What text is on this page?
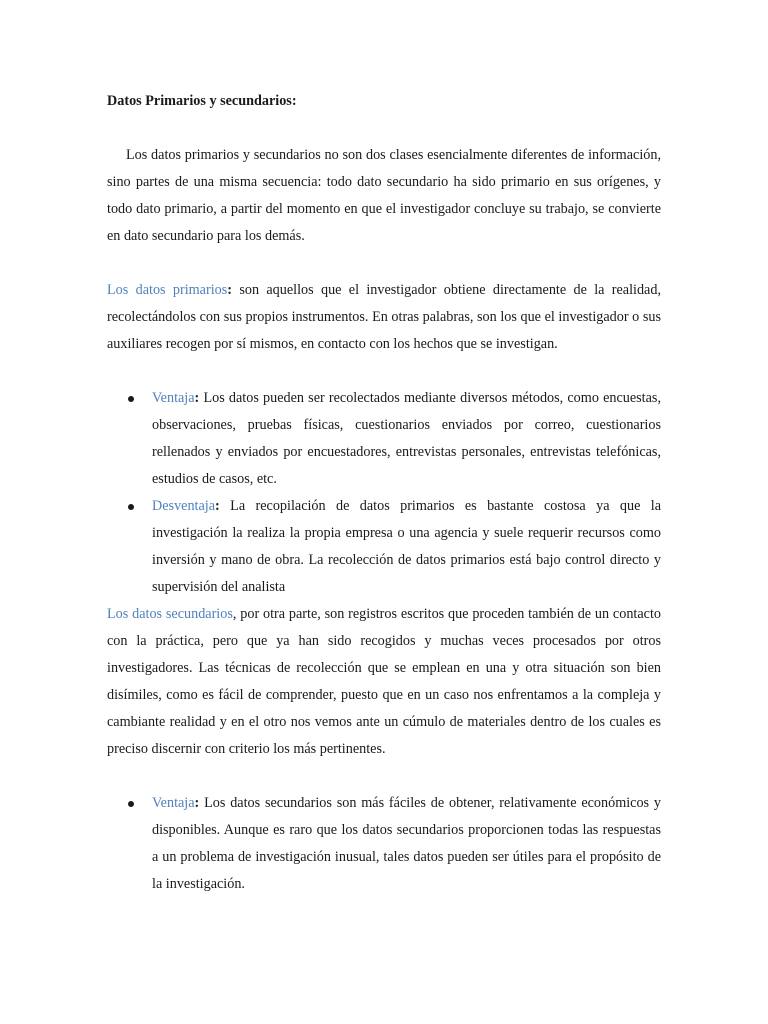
Datos Primarios y secundarios:

Los datos primarios y secundarios no son dos clases esencialmente diferentes de información, sino partes de una misma secuencia: todo dato secundario ha sido primario en sus orígenes, y todo dato primario, a partir del momento en que el investigador concluye su trabajo, se convierte en dato secundario para los demás.

Los datos primarios: son aquellos que el investigador obtiene directamente de la realidad, recolectándolos con sus propios instrumentos. En otras palabras, son los que el investigador o sus auxiliares recogen por sí mismos, en contacto con los hechos que se investigan.

Ventaja: Los datos pueden ser recolectados mediante diversos métodos, como encuestas, observaciones, pruebas físicas, cuestionarios enviados por correo, cuestionarios rellenados y enviados por encuestadores, entrevistas personales, entrevistas telefónicas, estudios de casos, etc.
Desventaja: La recopilación de datos primarios es bastante costosa ya que la investigación la realiza la propia empresa o una agencia y suele requerir recursos como inversión y mano de obra. La recolección de datos primarios está bajo control directo y supervisión del analista

Los datos secundarios, por otra parte, son registros escritos que proceden también de un contacto con la práctica, pero que ya han sido recogidos y muchas veces procesados por otros investigadores. Las técnicas de recolección que se emplean en una y otra situación son bien disímiles, como es fácil de comprender, puesto que en un caso nos enfrentamos a la compleja y cambiante realidad y en el otro nos vemos ante un cúmulo de materiales dentro de los cuales es preciso discernir con criterio los más pertinentes.

Ventaja: Los datos secundarios son más fáciles de obtener, relativamente económicos y disponibles. Aunque es raro que los datos secundarios proporcionen todas las respuestas a un problema de investigación inusual, tales datos pueden ser útiles para el propósito de la investigación.
